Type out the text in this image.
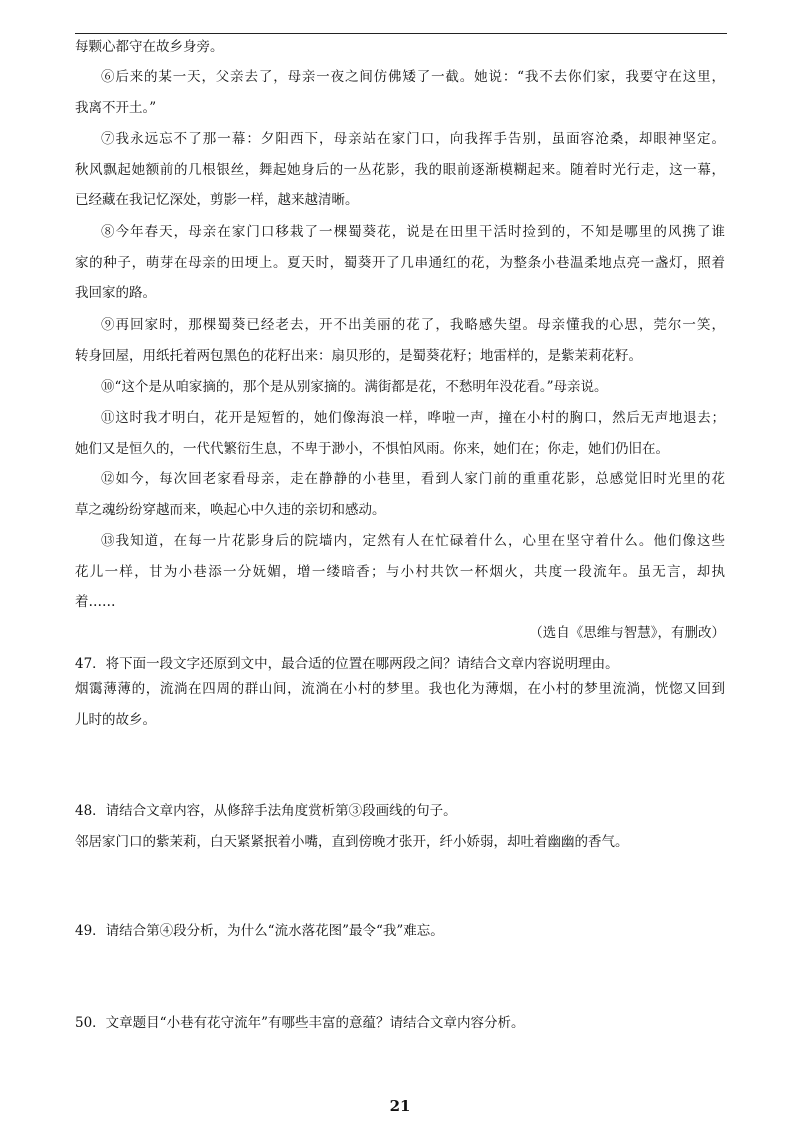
每颗心都守在故乡身旁。
⑥后来的某一天，父亲去了，母亲一夜之间仿佛矮了一截。她说：“我不去你们家，我要守在这里，
我离不开土。”
⑦我永远忘不了那一幕：夕阳西下，母亲站在家门口，向我挥手告别，虽面容沧桑，却眼神坚定。
秋风飘起她额前的几根银丝，舞起她身后的一丛花影，我的眼前逐渐模糊起来。随着时光行走，这一幕，
已经藏在我记忆深处，剪影一样，越来越清晰。
⑧今年春天，母亲在家门口移栽了一棵蜀葵花，说是在田里干活时捡到的，不知是哪里的风携了谁
家的种子，萌芽在母亲的田埂上。夏天时，蜀葵开了几串通红的花，为整条小巷温柔地点亮一盏灯，照着
我回家的路。
⑨再回家时，那棵蜀葵已经老去，开不出美丽的花了，我略感失望。母亲懂我的心思，莞尔一笑，
转身回屋，用纸托着两包黑色的花籽出来：扇贝形的，是蜀葵花籽；地雷样的，是紫茉莉花籽。
⑩“这个是从咱家摘的，那个是从别家摘的。满街都是花，不愁明年没花看。”母亲说。
⑪这时我才明白，花开是短暂的，她们像海浪一样，哗啦一声，撞在小村的胸口，然后无声地退去；
她们又是恒久的，一代代繁衍生息，不卑于渺小，不惧怕风雨。你来，她们在；你走，她们仍旧在。
⑫如今，每次回老家看母亲，走在静静的小巷里，看到人家门前的重重花影，总感觉旧时光里的花
草之魂纷纷穿越而来，唤起心中久违的亲切和感动。
⑬我知道，在每一片花影身后的院墙内，定然有人在忙碌着什么，心里在坚守着什么。他们像这些
花儿一样，甘为小巷添一分妩媚，增一缕暗香；与小村共饮一杯烟火，共度一段流年。虽无言，却执
着……
（选自《思维与智慧》，有删改）
47．将下面一段文字还原到文中，最合适的位置在哪两段之间？请结合文章内容说明理由。
烟霭薄薄的，流淌在四周的群山间，流淌在小村的梦里。我也化为薄烟，在小村的梦里流淌，恍惚又回到
儿时的故乡。
48．请结合文章内容，从修辞手法角度赏析第③段画线的句子。
邻居家门口的紫茉莉，白天紧紧抿着小嘴，直到傍晚才张开，纤小娇弱，却吐着幽幽的香气。
49．请结合第④段分析，为什么“流水落花图”最令“我”难忘。
50．文章题目“小巷有花守流年”有哪些丰富的意蕴？请结合文章内容分析。
21
